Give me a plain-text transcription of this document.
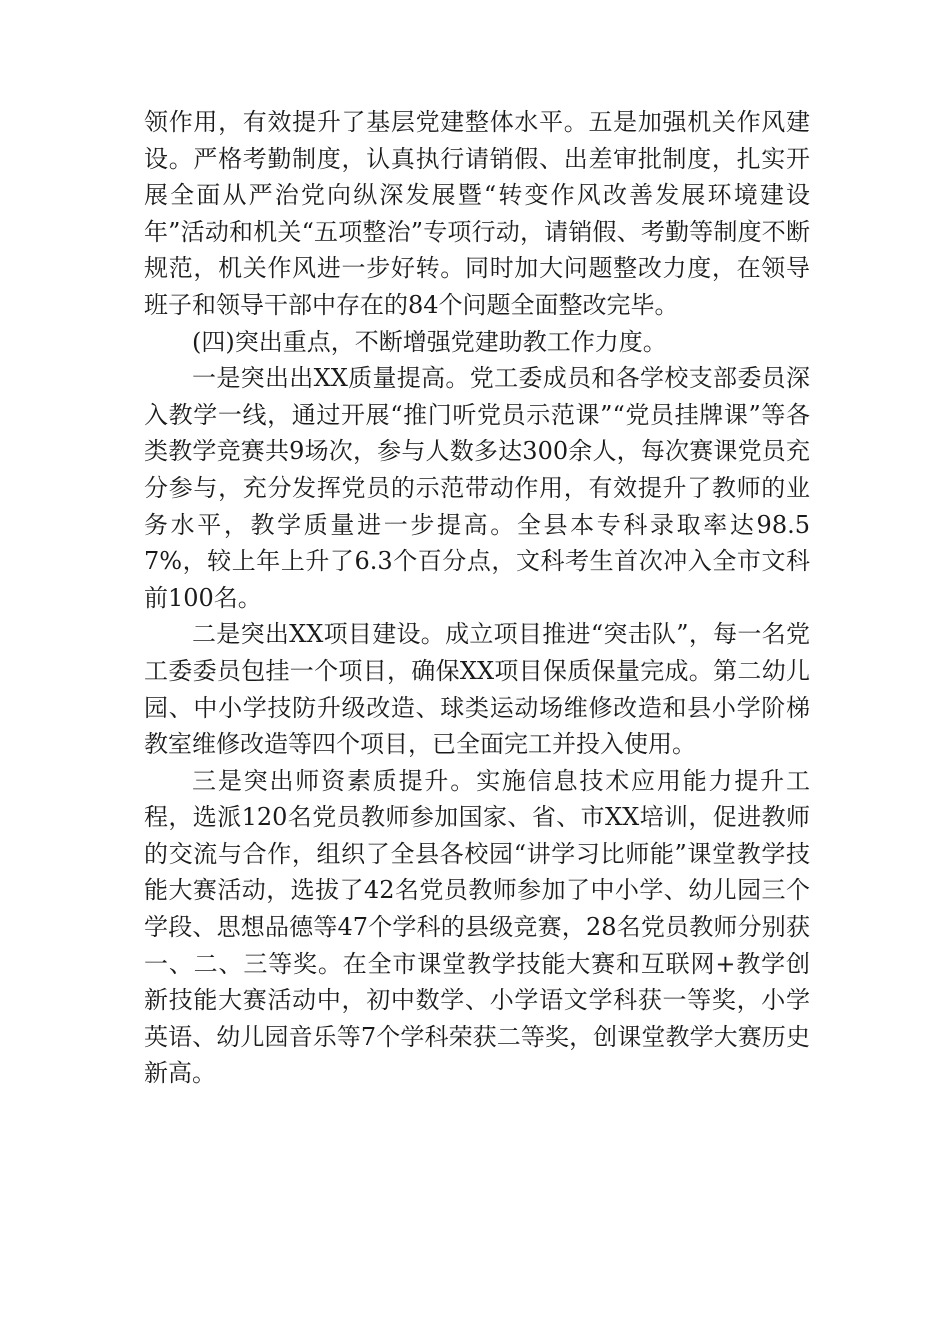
领作用，有效提升了基层党建整体水平。五是加强机关作风建设。严格考勤制度，认真执行请销假、出差审批制度，扎实开展全面从严治党向纵深发展暨“转变作风改善发展环境建设年”活动和机关“五项整治”专项行动，请销假、考勤等制度不断规范，机关作风进一步好转。同时加大问题整改力度，在领导班子和领导干部中存在的84个问题全面整改完毕。

(四)突出重点，不断增强党建助教工作力度。

一是突出出XX质量提高。党工委成员和各学校支部委员深入教学一线，通过开展“推门听党员示范课”“党员挂牌课”等各类教学竞赛共9场次，参与人数多达300余人，每次赛课党员充分参与，充分发挥党员的示范带动作用，有效提升了教师的业务水平，教学质量进一步提高。全县本专科录取率达98.57%，较上年上升了6.3个百分点，文科考生首次冲入全市文科前100名。

二是突出XX项目建设。成立项目推进“突击队”，每一名党工委委员包挂一个项目，确保XX项目保质保量完成。第二幼儿园、中小学技防升级改造、球类运动场维修改造和县小学阶梯教室维修改造等四个项目，已全面完工并投入使用。

三是突出师资素质提升。实施信息技术应用能力提升工程，选派120名党员教师参加国家、省、市XX培训，促进教师的交流与合作，组织了全县各校园“讲学习比师能”课堂教学技能大赛活动，选拔了42名党员教师参加了中小学、幼儿园三个学段、思想品德等47个学科的县级竞赛，28名党员教师分别获一、二、三等奖。在全市课堂教学技能大赛和互联网+教学创新技能大赛活动中，初中数学、小学语文学科获一等奖，小学英语、幼儿园音乐等7个学科荣获二等奖，创课堂教学大赛历史新高。
